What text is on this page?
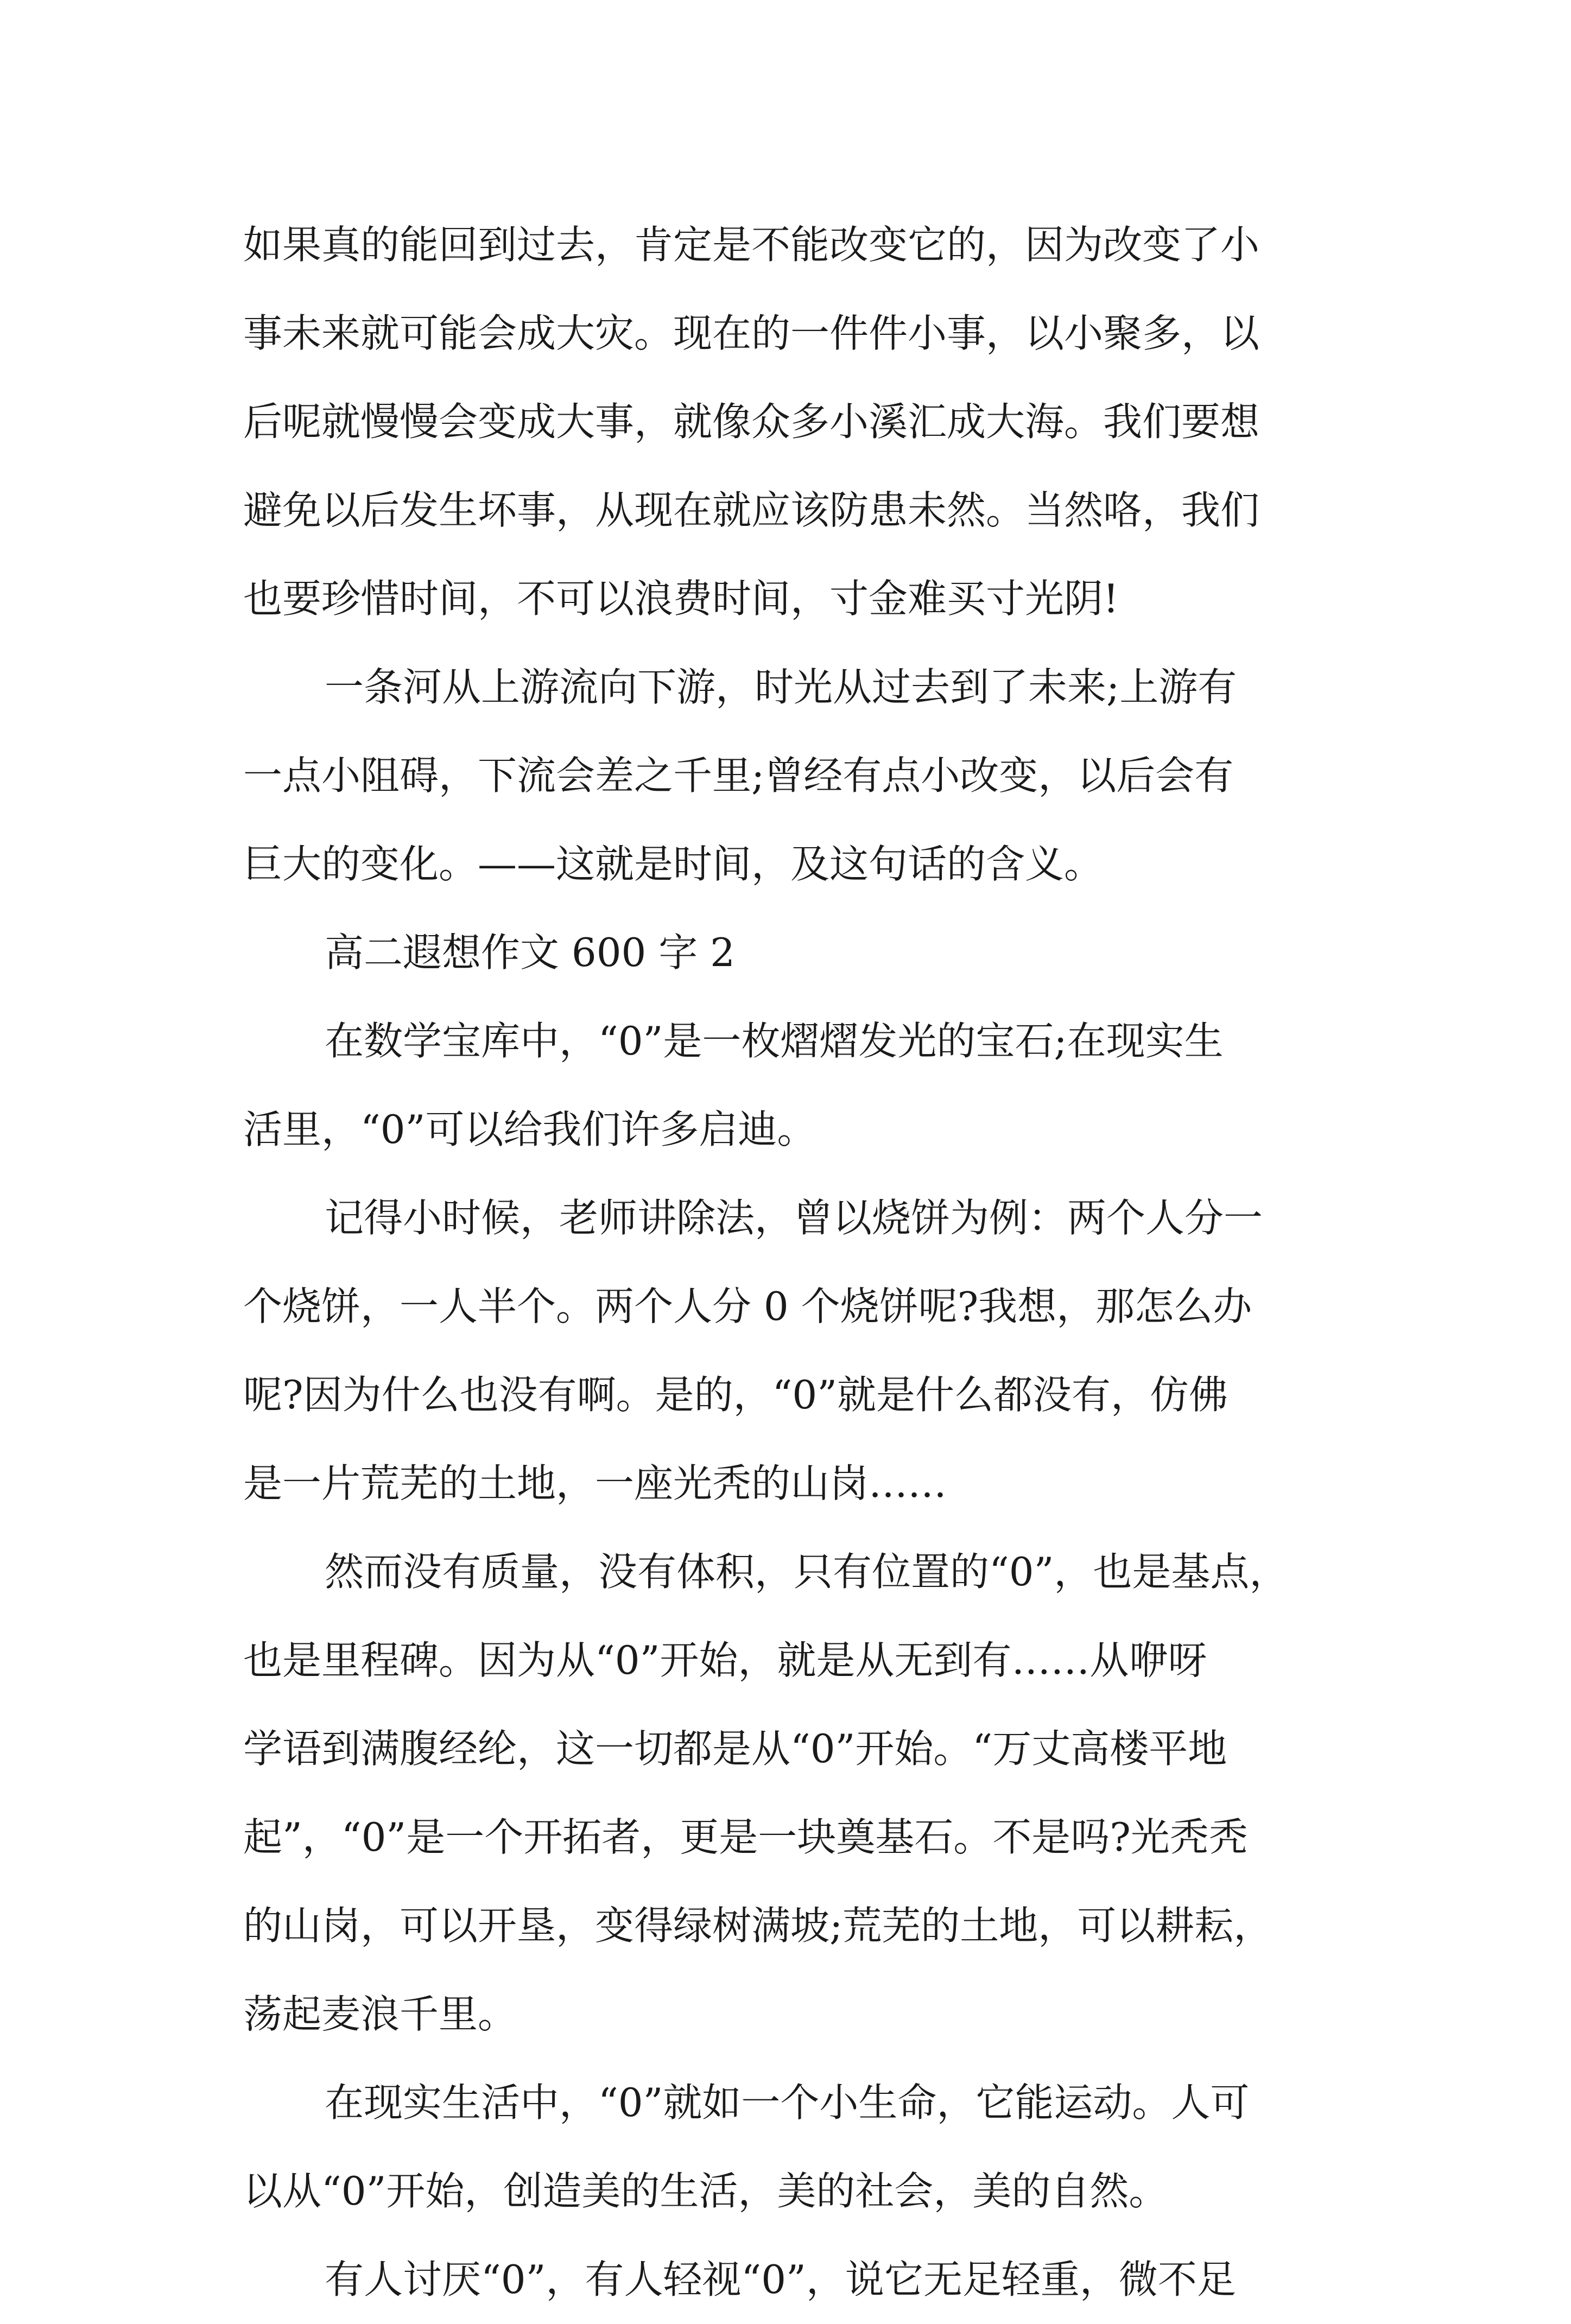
如果真的能回到过去，肯定是不能改变它的，因为改变了小
事未来就可能会成大灾。现在的一件件小事，以小聚多，以
后呢就慢慢会变成大事，就像众多小溪汇成大海。我们要想
避免以后发生坏事，从现在就应该防患未然。当然咯，我们
也要珍惜时间，不可以浪费时间，寸金难买寸光阴!
一条河从上游流向下游，时光从过去到了未来;上游有
一点小阻碍，下流会差之千里;曾经有点小改变，以后会有
巨大的变化。——这就是时间，及这句话的含义。
高二遐想作文 600 字 2
在数学宝库中，“0”是一枚熠熠发光的宝石;在现实生
活里，“0”可以给我们许多启迪。
记得小时候，老师讲除法，曾以烧饼为例：两个人分一
个烧饼，一人半个。两个人分 0 个烧饼呢?我想，那怎么办
呢?因为什么也没有啊。是的，“0”就是什么都没有，仿佛
是一片荒芜的土地，一座光秃的山岗……
然而没有质量，没有体积，只有位置的“0”，也是基点，
也是里程碑。因为从“0”开始，就是从无到有……从咿呀
学语到满腹经纶，这一切都是从“0”开始。“万丈高楼平地
起”，“0”是一个开拓者，更是一块奠基石。不是吗?光秃秃
的山岗，可以开垦，变得绿树满坡;荒芜的土地，可以耕耘，
荡起麦浪千里。
在现实生活中，“0”就如一个小生命，它能运动。人可
以从“0”开始，创造美的生活，美的社会，美的自然。
有人讨厌“0”，有人轻视“0”，说它无足轻重，微不足
